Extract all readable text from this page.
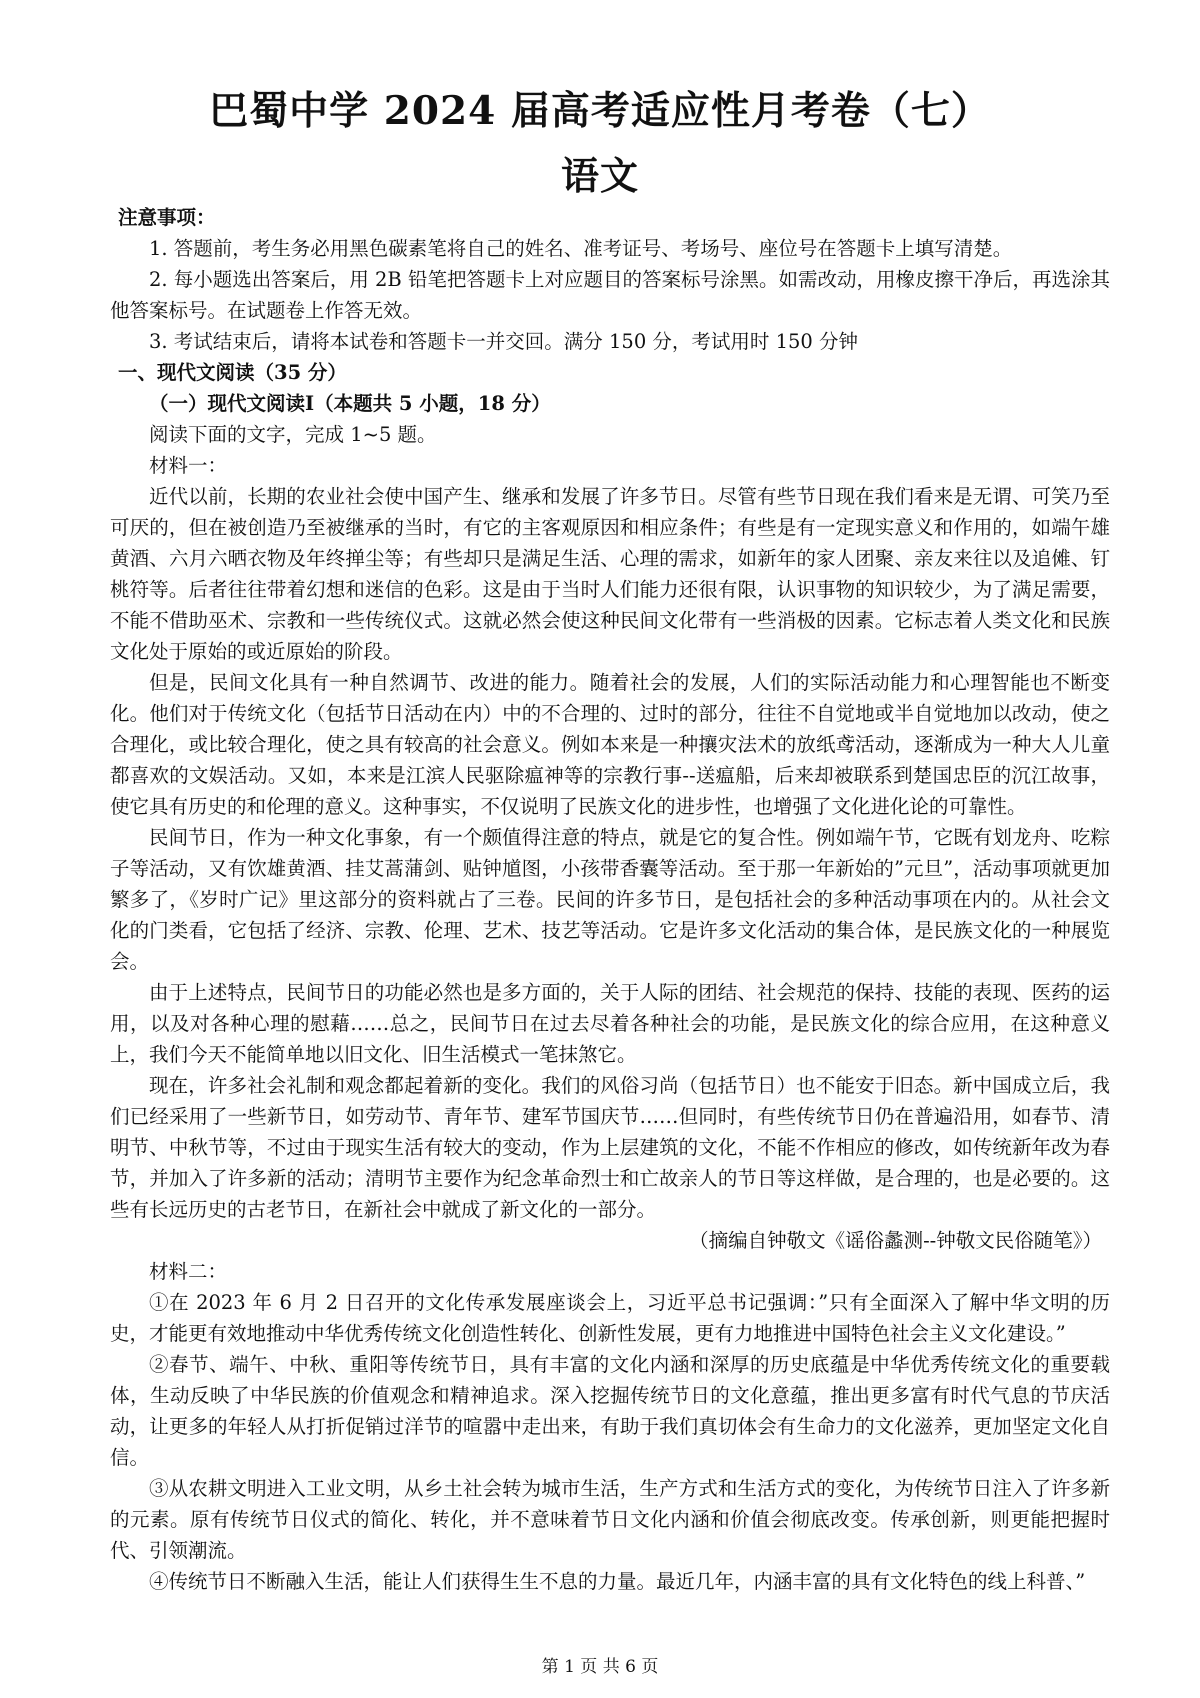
巴蜀中学 2024 届高考适应性月考卷（七）
语文

注意事项：

1. 答题前，考生务必用黑色碳素笔将自己的姓名、准考证号、考场号、座位号在答题卡上填写清楚。

2. 每小题选出答案后，用 2B 铅笔把答题卡上对应题目的答案标号涂黑。如需改动，用橡皮擦干净后，再选涂其他答案标号。在试题卷上作答无效。

3. 考试结束后，请将本试卷和答题卡一并交回。满分 150 分，考试用时 150 分钟

一、现代文阅读（35 分）

（一）现代文阅读Ⅰ（本题共 5 小题，18 分）

阅读下面的文字，完成 1~5 题。

材料一：

近代以前，长期的农业社会使中国产生、继承和发展了许多节日。尽管有些节日现在我们看来是无谓、可笑乃至可厌的，但在被创造乃至被继承的当时，有它的主客观原因和相应条件；有些是有一定现实意义和作用的，如端午雄黄酒、六月六晒衣物及年终掸尘等；有些却只是满足生活、心理的需求，如新年的家人团聚、亲友来往以及追傩、钉桃符等。后者往往带着幻想和迷信的色彩。这是由于当时人们能力还很有限，认识事物的知识较少，为了满足需要，不能不借助巫术、宗教和一些传统仪式。这就必然会使这种民间文化带有一些消极的因素。它标志着人类文化和民族文化处于原始的或近原始的阶段。

但是，民间文化具有一种自然调节、改进的能力。随着社会的发展，人们的实际活动能力和心理智能也不断变化。他们对于传统文化（包括节日活动在内）中的不合理的、过时的部分，往往不自觉地或半自觉地加以改动，使之合理化，或比较合理化，使之具有较高的社会意义。例如本来是一种攘灾法术的放纸鸢活动，逐渐成为一种大人儿童都喜欢的文娱活动。又如，本来是江滨人民驱除瘟神等的宗教行事--送瘟船，后来却被联系到楚国忠臣的沉江故事，使它具有历史的和伦理的意义。这种事实，不仅说明了民族文化的进步性，也增强了文化进化论的可靠性。

民间节日，作为一种文化事象，有一个颇值得注意的特点，就是它的复合性。例如端午节，它既有划龙舟、吃粽子等活动，又有饮雄黄酒、挂艾蒿蒲剑、贴钟馗图，小孩带香囊等活动。至于那一年新始的”元旦”，活动事项就更加繁多了，《岁时广记》里这部分的资料就占了三卷。民间的许多节日，是包括社会的多种活动事项在内的。从社会文化的门类看，它包括了经济、宗教、伦理、艺术、技艺等活动。它是许多文化活动的集合体，是民族文化的一种展览会。

由于上述特点，民间节日的功能必然也是多方面的，关于人际的团结、社会规范的保持、技能的表现、医药的运用，以及对各种心理的慰藉……总之，民间节日在过去尽着各种社会的功能，是民族文化的综合应用，在这种意义上，我们今天不能简单地以旧文化、旧生活模式一笔抹煞它。

现在，许多社会礼制和观念都起着新的变化。我们的风俗习尚（包括节日）也不能安于旧态。新中国成立后，我们已经采用了一些新节日，如劳动节、青年节、建军节国庆节……但同时，有些传统节日仍在普遍沿用，如春节、清明节、中秋节等，不过由于现实生活有较大的变动，作为上层建筑的文化，不能不作相应的修改，如传统新年改为春节，并加入了许多新的活动；清明节主要作为纪念革命烈士和亡故亲人的节日等这样做，是合理的，也是必要的。这些有长远历史的古老节日，在新社会中就成了新文化的一部分。

（摘编自钟敬文《谣俗蠡测--钟敬文民俗随笔》）

材料二：

①在 2023 年 6 月 2 日召开的文化传承发展座谈会上，习近平总书记强调：”只有全面深入了解中华文明的历史，才能更有效地推动中华优秀传统文化创造性转化、创新性发展，更有力地推进中国特色社会主义文化建设。”

②春节、端午、中秋、重阳等传统节日，具有丰富的文化内涵和深厚的历史底蕴是中华优秀传统文化的重要载体，生动反映了中华民族的价值观念和精神追求。深入挖掘传统节日的文化意蕴，推出更多富有时代气息的节庆活动，让更多的年轻人从打折促销过洋节的喧嚣中走出来，有助于我们真切体会有生命力的文化滋养，更加坚定文化自信。

③从农耕文明进入工业文明，从乡土社会转为城市生活，生产方式和生活方式的变化，为传统节日注入了许多新的元素。原有传统节日仪式的简化、转化，并不意味着节日文化内涵和价值会彻底改变。传承创新，则更能把握时代、引领潮流。

④传统节日不断融入生活，能让人们获得生生不息的力量。最近几年，内涵丰富的具有文化特色的线上科普、”

第 1 页 共 6 页
